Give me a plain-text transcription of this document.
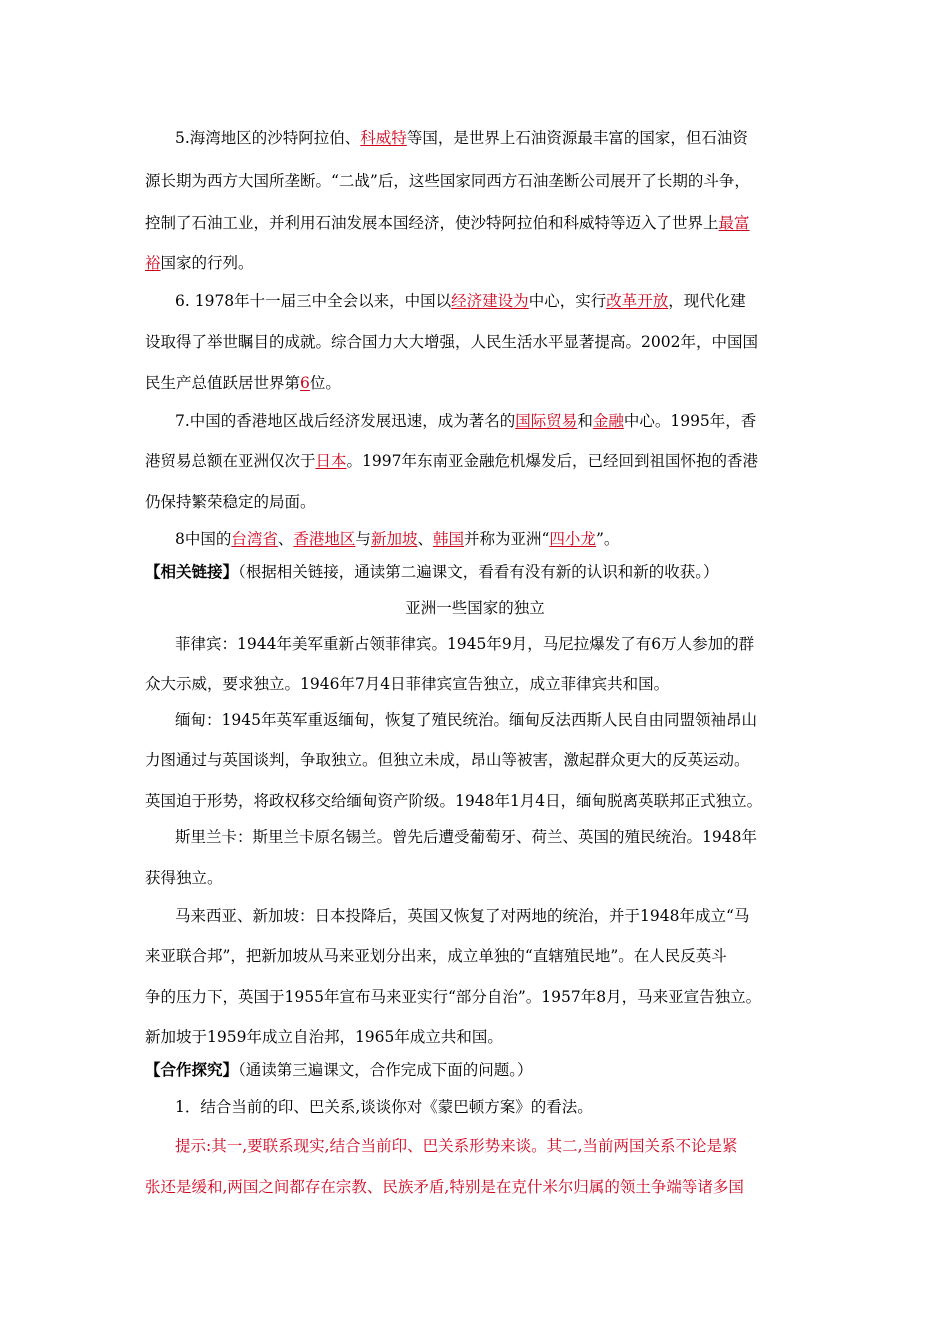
5.海湾地区的沙特阿拉伯、科威特等国，是世界上石油资源最丰富的国家，但石油资
源长期为西方大国所垄断。“二战”后，这些国家同西方石油垄断公司展开了长期的斗争，
控制了石油工业，并利用石油发展本国经济，使沙特阿拉伯和科威特等迈入了世界上最富
裕国家的行列。
6. 1978年十一届三中全会以来，中国以经济建设为中心，实行改革开放，现代化建
设取得了举世瞩目的成就。综合国力大大增强，人民生活水平显著提高。2002年，中国国
民生产总值跃居世界第6位。
7.中国的香港地区战后经济发展迅速，成为著名的国际贸易和金融中心。1995年，香
港贸易总额在亚洲仅次于日本。1997年东南亚金融危机爆发后，已经回到祖国怀抱的香港
仍保持繁荣稳定的局面。
8中国的台湾省、香港地区与新加坡、韩国并称为亚洲“四小龙”。
【相关链接】（根据相关链接，通读第二遍课文，看看有没有新的认识和新的收获。）
亚洲一些国家的独立
菲律宾：1944年美军重新占领菲律宾。1945年9月，马尼拉爆发了有6万人参加的群
众大示威，要求独立。1946年7月4日菲律宾宣告独立，成立菲律宾共和国。
缅甸：1945年英军重返缅甸，恢复了殖民统治。缅甸反法西斯人民自由同盟领袖昂山
力图通过与英国谈判，争取独立。但独立未成，昂山等被害，激起群众更大的反英运动。
英国迫于形势，将政权移交给缅甸资产阶级。1948年1月4日，缅甸脱离英联邦正式独立。
斯里兰卡：斯里兰卡原名锡兰。曾先后遭受葡萄牙、荷兰、英国的殖民统治。1948年
获得独立。
马来西亚、新加坡：日本投降后，英国又恢复了对两地的统治，并于1948年成立“马
来亚联合邦”，把新加坡从马来亚划分出来，成立单独的“直辖殖民地”。在人民反英斗
争的压力下，英国于1955年宣布马来亚实行“部分自治”。1957年8月，马来亚宣告独立。
新加坡于1959年成立自治邦，1965年成立共和国。
【合作探究】（通读第三遍课文，合作完成下面的问题。）
1．结合当前的印、巴关系,谈谈你对《蒙巴顿方案》的看法。
提示:其一,要联系现实,结合当前印、巴关系形势来谈。其二,当前两国关系不论是紧
张还是缓和,两国之间都存在宗教、民族矛盾,特别是在克什米尔归属的领土争端等诸多国
